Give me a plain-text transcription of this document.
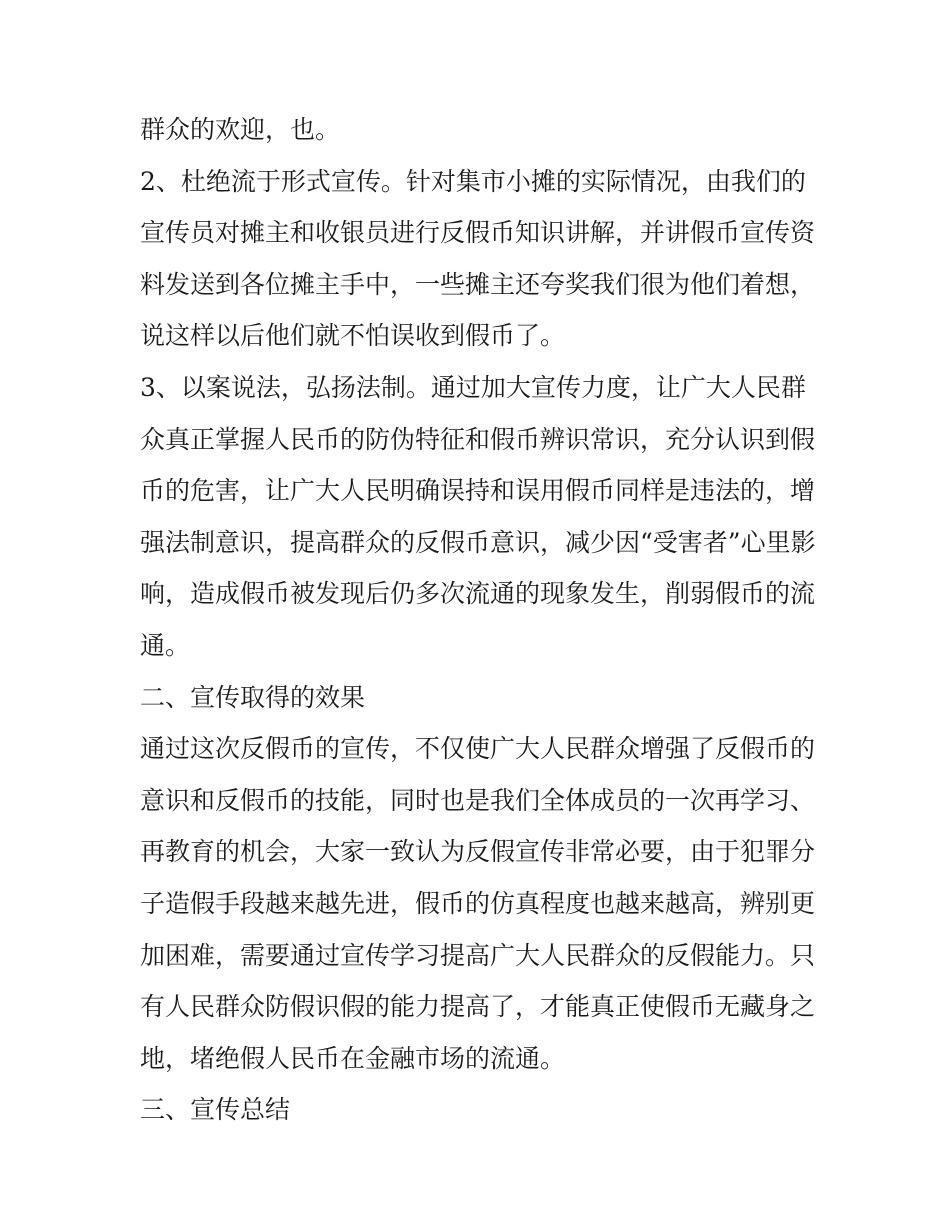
群众的欢迎，也。
2、杜绝流于形式宣传。针对集市小摊的实际情况，由我们的
宣传员对摊主和收银员进行反假币知识讲解，并讲假币宣传资
料发送到各位摊主手中，一些摊主还夸奖我们很为他们着想，
说这样以后他们就不怕误收到假币了。
3、以案说法，弘扬法制。通过加大宣传力度，让广大人民群
众真正掌握人民币的防伪特征和假币辨识常识，充分认识到假
币的危害，让广大人民明确误持和误用假币同样是违法的，增
强法制意识，提高群众的反假币意识，减少因“受害者”心里影
响，造成假币被发现后仍多次流通的现象发生，削弱假币的流
通。
二、宣传取得的效果
通过这次反假币的宣传，不仅使广大人民群众增强了反假币的
意识和反假币的技能，同时也是我们全体成员的一次再学习、
再教育的机会，大家一致认为反假宣传非常必要，由于犯罪分
子造假手段越来越先进，假币的仿真程度也越来越高，辨别更
加困难，需要通过宣传学习提高广大人民群众的反假能力。只
有人民群众防假识假的能力提高了，才能真正使假币无藏身之
地，堵绝假人民币在金融市场的流通。
三、宣传总结
